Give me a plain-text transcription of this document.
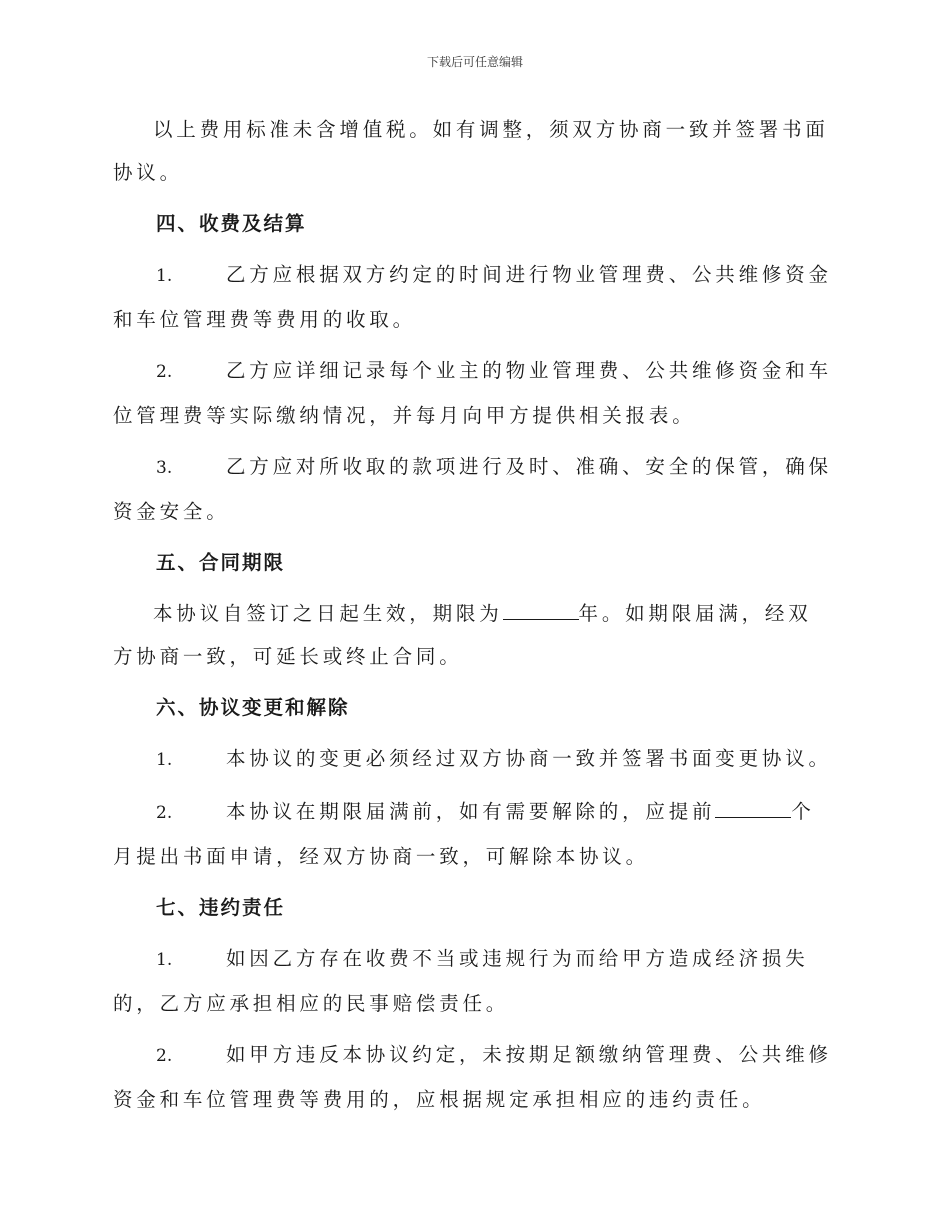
下载后可任意编辑

以上费用标准未含增值税。如有调整，须双方协商一致并签署书面协议。

四、收费及结算

1.	乙方应根据双方约定的时间进行物业管理费、公共维修资金和车位管理费等费用的收取。

2.	乙方应详细记录每个业主的物业管理费、公共维修资金和车位管理费等实际缴纳情况，并每月向甲方提供相关报表。

3.	乙方应对所收取的款项进行及时、准确、安全的保管，确保资金安全。

五、合同期限

本协议自签订之日起生效，期限为	年。如期限届满，经双方协商一致，可延长或终止合同。

六、协议变更和解除

1.	本协议的变更必须经过双方协商一致并签署书面变更协议。

2.	本协议在期限届满前，如有需要解除的，应提前	个月提出书面申请，经双方协商一致，可解除本协议。

七、违约责任

1.	如因乙方存在收费不当或违规行为而给甲方造成经济损失的，乙方应承担相应的民事赔偿责任。

2.	如甲方违反本协议约定，未按期足额缴纳管理费、公共维修资金和车位管理费等费用的，应根据规定承担相应的违约责任。
